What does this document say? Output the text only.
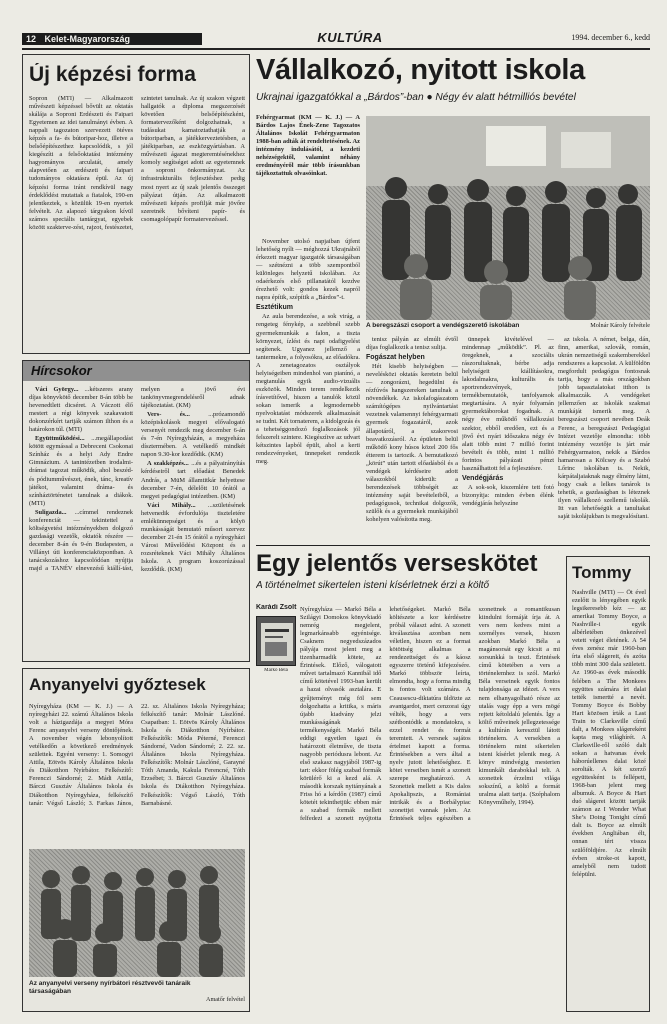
12 Kelet-Magyarország	KULTÚRA	1994. december 6., kedd
Új képzési forma
Sopron (MTI) — Alkalmazott művészeti képzéssel bővült az oktatás skálája a Soproni Erdészeti és Faipari Egyetemen az idei tanulmányi évben. A nappali tagozaton szervezett ötéves képzés a fa- és bútoripar-hoz, illetve a belsőépítészethez kapcsolódik, s jól kiegészíti a felsőoktatási intézmény hagyományos arculatát, amely alapvetően az erdészeti és faipari tudományos oktatásra épül. Az új képzési forma iránt rendkívül nagy érdeklődést mutattak a fiatalok, 190-en jelentkeztek, s közülük 19-en nyertek felvételt. Az alapozó tárgyakon kívül számos speciális tantárgyat, egyebek között szakterve-zést, rajzot, festészetet, szintetet tanulnak. Az új szakon végzett hallgatók a diploma megszerzését követően belsőépítészként, formatervezőként dolgozhatnak, s tudásukat kamatoztathatják a bútoriparban, a játékkerveztetésben, a játékiparban, az eszközgyártásban. A művészeti ágazat megteremtésénekhez komoly segítséget adott az egyetemnek a soproni önkormányzat. Az infrastrukturális fejlesztéshez pedig most nyert az új szak jelentős összeget pályázat útján. Az alkalmazott művészeti képzés profilját már jövőre szeretnék bővíteni papír- és csomagolópapír formatervezéssel.
Hírcsokor

Váci György... ...kétszeres arany díjas könyvkötő december 8-án több be hevenedtlett dicséret. A Váczott élő mestert a régi könyvek szakavatott dokonzérkért tartják számon ilthon és a határokon túl. (MTI)

Együttműködési... ...megállapodást kötött egymással a Debreceni Csokonai Színház és a helyi Ady Endre Gimnázium. A tanintézetben irodalmi-drámai tagozat működik, ahol beszéd- és pódiumművészet, ének, tánc, kreatív játékot, valamint dráma- és színháztörténetet tanulnak a diákok. (MTI)

Suligazda... ...címmel rendeznek konferenciát — tekintettel a költségvetési intézményekben dolgozó gazdasági vezetők, oktatók részére — december 8-án és 9-én Budapesten, a Villányi úti konferenciaközpontban. A tanácskozáshoz kapcsolódóan nyújtja majd a TANÉV elnevezésű kiállí-tást, melyen a jövő évi tankönyvmegrendelésről adnak tájékoztatást. (KM)

Vers- és...	...prózamondó középiskolások megyei elővalogató versenyét rendezik meg december 6-án és 7-én Nyíregyházán, a megyeháza dísztermében. A vetélkedő mindkét napon 9.30-kor kezdődik. (KM)

A szakképzés... ...és a pályairányítás kérdéseiről tart előadást Benedek András, a MüM államtitkár helyettese december 7-én, délelőtt 10 órától a megyei pedagógiai intézetben. (KM)

Váci Mihály... ...születésének hetvenedik évfordulója tiszteletére emlékünnepséget és a kölyö munkásságát bemutató műsort szervez december 21-én 15 órától a nyíregyházi Városi Művelődési Központ és a rozsréteknek Váci Mihály Általános Iskola. A program koszorúzással kezdődik. (KM)

Anyanyelvi győztesek
Nyíregyháza (KM — K. J.) — A nyíregyházi 22. számú Általános Iskola volt a házigazdája a megyei Móra Ferenc anyanyelvi verseny döntőjének. A november végén lebonyolított vetélkedőn a következő eredmények születtek. Egyéni verseny: 1. Somogyi Attila, Eötvös Károly Általános Iskola és Diákotthon Nyírbátor. Felkészítő: Ferenczi Sándorné; 2. Mádi Attila, Bárczi Gusztáv Általános Iskola és Diákotthon Nyíregyháza, felkészítő tanár: Végső László; 3. Farkas János, 22. sz. Általános Iskola Nyíregyháza; felkészítő tanár: Molnár Lászlóné. Csapatban: 1. Eötvös Károly Általános Iskola és Diákotthon Nyírbátor. Felkészítők: Móda Péterné, Ferenczi Sándorné, Vadon Sándorné; 2. 22. sz. Általános Iskola Nyíregyháza. Felkészítők: Molnár Lászlóné, Garayné Tóth Amanda, Kakula Ferencné, Tóth Erzsébet; 3. Bárczi Gusztáv Általános Iskola és Diákotthon Nyíregyháza. Felkészítők: Végső László, Tóth Barnabásné.
Az anyanyelvi verseny nyírbátori résztvevői tanáraik társaságában
Amatőr felvétel
Vállalkozó, nyitott iskola
Ukrajnai igazgatókkal a „Bárdos”-ban ● Négy év alatt hétmilliós bevétel

Fehérgyarmat (KM — K. J.) — A Bárdos Lajos Ének-Zene Tagozatos Általános Iskolát Fehérgyarmaton 1988-ban adták át rendeltetésének. Az intézmény indulásától, a kezdeti nehézségektől, valamint néhány eredményéről már több írásunkban tájékoztattuk olvasóinkat.

November utolsó napjaiban újfent lehetőség nyílt — méghozzá Ukrajnából érkezett magyar igazgatók társaságában — szétnézni a több szempontból különleges helyzetű iskolában. Az odaérkezés első pillanatától kezdve érezhető volt: gondos kezek napról napra építik, szépítik a „Bárdos”-t.

Esztétikum

Az aula berendezése, a sok virág, a rengeteg fénykép, a szebbnél szebb gyermekmunkák a falon, a tiszta környezet, ízlést és napi odafigyelést segítenek. Ugyanez jellemző a tantermekre, a folyosókra, az előadókra. A zenetagozatos osztályok helyiségeiben mindenhol van pianínó, a megtanulás egyik audio-vizuális eszközök. Minden terem rendelkezik írásvetítővel, hiszen a tanulók közül sokan ismerik a legmodernebb nyelvoktatást módszerek alkalmazását se tudni. Két tornaterem, a kidolgozás és a tehetséggondozó foglalkozások jól felszerelt szintere. Kiegészítve az udvart kétszintes lapból épült, ahol a kerti rendezvényeket, ünnepeket rendezik meg.

A beregszászi csoport a vendégszerető iskolában	Molnár Károly felvétele

tenisz pályán az elmúlt évtől díjas foglalkozik a tenisz sulija.

Fogászat helyben

Hét kisebb helyiségben — nevelésközi oktatás keretein belül — zongorázni, hegedülni és rézfúvós hangszereken tanulnak a növendékek. Az iskolafogászatom számítógépes nyilvántartást vezetnek valamennyi fehérgyarmati gyermek fogazatáról, azok állapotáról, a szakorvosi beavatkozásról. Az épületen belül működő kony húsos közel 200 fős étterem is tartozik. A bemutatkozó „körút” után tartott előadásból és a vendégek kérdéseire adott válaszokból kiderült: a berendezések többségét az intézmény saját bevételeiből, a pedagógusok, technikai dolgozók, szülők és a gyermekek munkájából kohelyen valósította meg.

ünnepek kivételével — mindennap „működik”. Pl. az öregeknek, a szociális rászorultaknak, bérbe adja helyiségeit kiállításokra, lakodalmakra, kulturális és sportrendezvények, termékbemutatók, tanfolyamok megtartására. A nyár folyamán gyermektáborokat fogadnak. A négy éve működő vállalkozási szektor, ebből eredően, ezt és a jövő évi nyári időszakra négy év alatt több mint 7 millió forint bevételt és több, mint 1 millió forintos pályázati pénzt használhattott fel a fejlesztésre.

Vendégjárás

A sok-sok, kiszemlére tett fotó bizonyítja: minden évben élénk vendégjárás helyszíne

az iskola. A német, belga, dán, finn, amerikai, szlovák, román, ukrán nemzetiségű szakemberekkel rendszeres a kapcsolat. A külföldön megfordult pedagógus fontosnak tartja, hogy a más országokban jobb tapasztalatokat itthon is alkalmazzák. A vendégeket jellemzően az iskolák szakmai munkáját ismerik meg. A beregszászi csoport nevében Deák Ferenc, a beregszászi Pedagógiai Intézet vezetője elmondta: több intézmény vezetője is járt már Fehérgyarmaton, nekik a Bárdos hamarosan a Kölcsey és a Szabó Lőrinc iskolában is. Nekik, kárpátaljaiaknak nagy élmény látni, hogy csak a lelkes tanárok is tehetik, a gazdaságban is léteznek ilyen vállalkozó szellemű iskolák. Itt van lehetőségük a tanultakat saját iskolájukban is megvalósítani.

Egy jelentős verseskötet
A történelmet sikertelen isteni kísérletnek érzi a költő
Karádi Zsolt
Markó Béla
Nyíregyháza — Markó Béla a Szilágyi Domokos könyvkiadó nemrég megjelent, legmarkánsabb egyénisége. Csaknem negyedszázados pályája most jelent meg a tizenharmadik kötete, az Érintések. Előző, válogatott művet tartalmazó Kannibál idő című kötetével 1993-ban került a hazai olvasók asztalára. E gyűjteményt még föl sem dolgozhatta a kritika, s máris újabb kiadvány jelzi munkásságának termékenységét. Markó Béla eddigi egyetlen igazi és határozott életműve, de tiszta nagyobb periódusra lebont. Az első szakasz nagyjából 1987-ig tart: ekkor fölég szabad formák körülérő ki a kezd alá. A második korszak nyitányának a Friss hó a kérdőn (1987) című kötetét tekinthetjük: ebben már a szabad formák mellett felfedezi a szonett nyújtotta lehetőségeket. Markó Béla költészete a kor kérdéseire próbál választ adni. A szonett kiválasztása azonban nem véletlen, hiszen ez a formai kötöttség alkalmas a rendezettséget és a káosz egyszerre történő kifejezésére. Markó többször leírta, elmondta, hogy a forma mindig is fontos volt számára. A Ceausescu-diktatúra üldözte az avantgardot, mert cenzorai úgy vélték, hogy a vers szétbontódik a mondatokra, s ezzel rendet és formát teremtett. A versnek sajátos értelmet kapott a forma. Érintésekben a vers által a nyelv jutott lehetőséghez. E kötet verseiben ismét a szonett szerepe meghatározó. A Szonettek mellett a Kis dalos Apokalipszis, a Romániai intrikák és a Borbálypiac szonettjei vannak jelen. Az Érintések teljes egészében a szonettnek a romantikusan kiindulni formáját írja át. A vers nem kedves mint a személyes versek, hiszen azokban Markó Béla a magánsorsát egy kicsit a mi sorsunkká is teszi. Érintések című kötetében a vers a történelemhez is szól. Markó Béla verseinek egyik fontos tulajdonsága az idézet. A vers nem elhanyagolható része az utalás vagy épp a vers mögé rejtett kétoldalú jelentés. Így a költő műveinek jellegzetessége a kultúrán keresztül látott történelem. A versekben a történelem mint sikertelen isteni kísérlet jelenik meg. A könyv mindvégig mesterien kimunkált darabokkal teli. A szonettek érzelmi világa sokszínű, a költő a formát uralma alatt tartja. (Széphalom Könyvműhely, 1994).
Tommy
Nashville (MTI) — Öt ével ezelőtt is lényegében egyik legsikeresebb kéz — az amerikai Tommy Boyce, a Nashville-i egyik albérletében önkezével vetett véget életének. A 54 éves zenész már 1960-ban írta első slágereit, és azóta több mint 300 dala született. Az 1960-as évek második felében a The Monkees együttes számára írt dalai tették ismertté a nevét. Tommy Boyce és Bobby Hart közösen írták a Last Train to Clarksville című dalt, a Monkees slágereként kapta meg világhírét. A Clarksville-ről szóló dalt sokan a hatvanas évek háborúellenes dalai közé sorolták. A két szerző együttesként is fellépett, 1968-ban jelent meg albumuk. A Boyce & Hart duó slágerei között tartják számon az I Wonder What She’s Doing Tonight című dalt is. Boyce az elmúlt években Angliában élt, onnan tért vissza szülőföldjére. Az elmúlt évben stroke-ot kapott, amelyből nem tudott felépülni.
